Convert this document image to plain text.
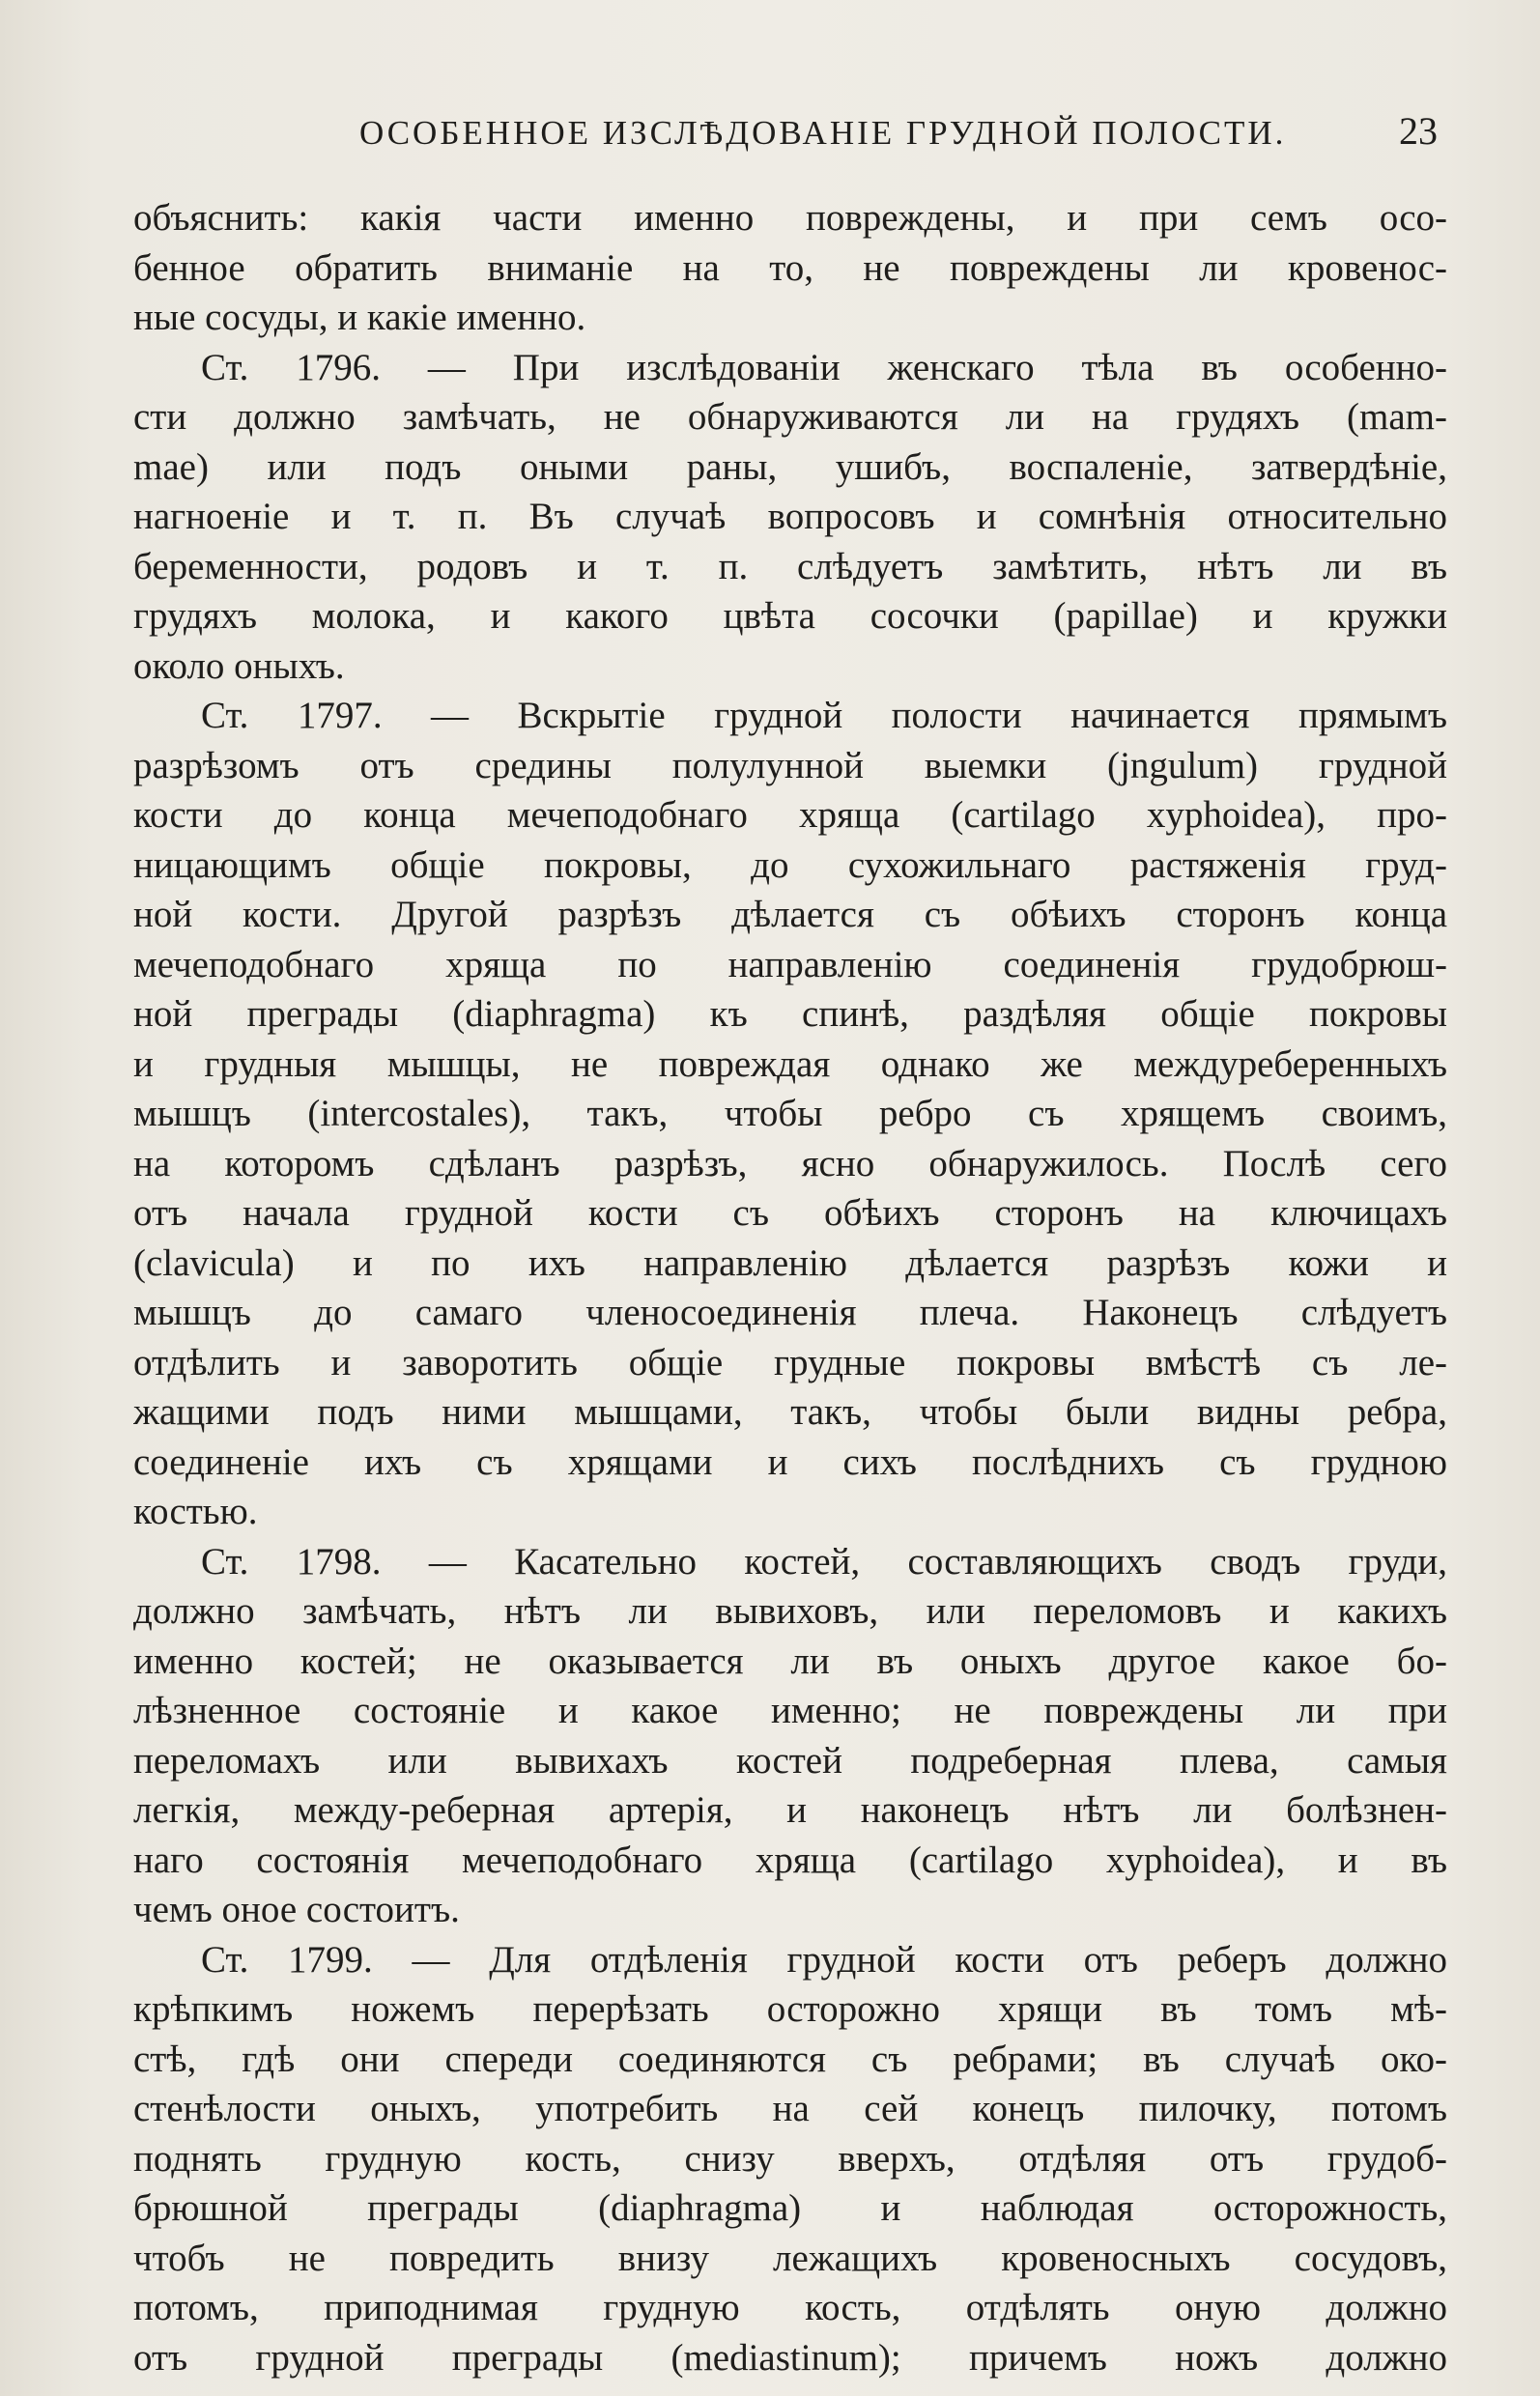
ОСОБЕННОЕ ИЗСЛѢДОВАНІЕ ГРУДНОЙ ПОЛОСТИ.	23
объяснить: какія части именно повреждены, и при семъ осо-
бенное обратить вниманіе на то, не повреждены ли кровенос-
ные сосуды, и какіе именно.
Ст. 1796. — При изслѣдованіи женскаго тѣла въ особенно-
сти должно замѣчать, не обнаруживаются ли на грудяхъ (mam-
mae) или подъ оными раны, ушибъ, воспаленіе, затвердѣніе,
нагноеніе и т. п. Въ случаѣ вопросовъ и сомнѣнія относительно
беременности, родовъ и т. п. слѣдуетъ замѣтить, нѣтъ ли въ
грудяхъ молока, и какого цвѣта сосочки (papillae) и кружки
около оныхъ.
Ст. 1797. — Вскрытіе грудной полости начинается прямымъ
разрѣзомъ отъ средины полулунной выемки (jngulum) грудной
кости до конца мечеподобнаго хряща (cartilago xyphoidea), про-
ницающимъ общіе покровы, до сухожильнаго растяженія груд-
ной кости. Другой разрѣзъ дѣлается съ обѣихъ сторонъ конца
мечеподобнаго хряща по направленію соединенія грудобрюш-
ной преграды (diaphragma) къ спинѣ, раздѣляя общіе покровы
и грудныя мышцы, не повреждая однако же междуреберенныхъ
мышцъ (intercostales), такъ, чтобы ребро съ хрящемъ своимъ,
на которомъ сдѣланъ разрѣзъ, ясно обнаружилось. Послѣ сего
отъ начала грудной кости съ обѣихъ сторонъ на ключицахъ
(clavicula) и по ихъ направленію дѣлается разрѣзъ кожи и
мышцъ до самаго членосоединенія плеча. Наконецъ слѣдуетъ
отдѣлить и заворотить общіе грудные покровы вмѣстѣ съ ле-
жащими подъ ними мышцами, такъ, чтобы были видны ребра,
соединеніе ихъ съ хрящами и сихъ послѣднихъ съ грудною
костью.
Ст. 1798. — Касательно костей, составляющихъ сводъ груди,
должно замѣчать, нѣтъ ли вывиховъ, или переломовъ и какихъ
именно костей; не оказывается ли въ оныхъ другое какое бо-
лѣзненное состояніе и какое именно; не повреждены ли при
переломахъ или вывихахъ костей подреберная плева, самыя
легкія, между-реберная артерія, и наконецъ нѣтъ ли болѣзнен-
наго состоянія мечеподобнаго хряща (cartilago xyphoidea), и въ
чемъ оное состоитъ.
Ст. 1799. — Для отдѣленія грудной кости отъ реберъ должно
крѣпкимъ ножемъ перерѣзать осторожно хрящи въ томъ мѣ-
стѣ, гдѣ они спереди соединяются съ ребрами; въ случаѣ око-
стенѣлости оныхъ, употребить на сей конецъ пилочку, потомъ
поднять грудную кость, снизу вверхъ, отдѣляя отъ грудоб-
брюшной преграды (diaphragma) и наблюдая осторожность,
чтобъ не повредить внизу лежащихъ кровеносныхъ сосудовъ,
потомъ, приподнимая грудную кость, отдѣлять оную должно
отъ грудной преграды (mediastinum); причемъ ножъ должно
